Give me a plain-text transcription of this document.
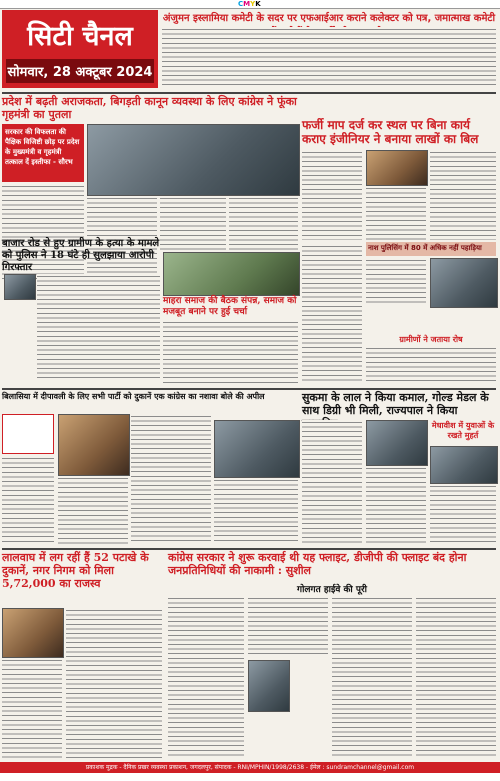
CMYK
सिटी चैनल
सोमवार, 28 अक्टूबर 2024
अंजुमन इस्लामिया कमेटी के सदर पर एफआईआर कराने कलेक्टर को पत्र, जमात्माख कमेटी
प्रदेश में बढ़ती अराजकता, बिगड़ती कानून व्यवस्था के लिए कांग्रेस ने फूंका गृहमंत्री का पुतला
सरकार की विफलता की पैक्षिक विजिष्टी छोड़ पर प्रदेश के मुख्यमंत्री व गृहमंत्री तत्काल दें इस्तीफा - सौरभ
फर्जी माप दर्ज कर स्थल पर बिना कार्य कराए इंजीनियर ने बनाया लाखों का बिल
नाश पुलिसिंग में 80 में अधिक नहीं पहाड़िया
बाजार रोड से हुए ग्रामीण के हत्या के मामले को पुलिस ने 18 घंटे ही सुलझाया आरोपी गिरफ्तार
माहरा समाज की बैठक संपन्न, समाज को मजबूत बनाने पर हुई चर्चा
ग्रामीणों ने जताया रोष
बिलासिया में दीपावली के लिए सभी पार्टी को दुकानें एक कांग्रेस का नशावा बोले की अपील	सुकमा के लाल ने किया कमाल, गोल्ड मेडल के साथ डिग्री भी मिली, राज्यपाल ने किया
मेधावीश में युवाओं के रखते मुहर्त
लालवाघ में लग रहीं हैं 52 पटाखे के दुकानें, नगर निगम को मिला 5,72,000 का राजस्व
कांग्रेस सरकार ने शुरू करवाई थी यह फ्लाइट, डीजीपी की फ्लाइट बंद होना जनप्रतिनिधियों की नाकामी : सुशील
गोलगत हाईवे की पूरी
प्रकाशक मुद्रक - दैनिक प्रखर व्यवस्था प्रकाशन, जगदलपुर, संपादक - RNI/MPHIN/1998/2638 - ईमेल : sundramchannel@gmail.com
